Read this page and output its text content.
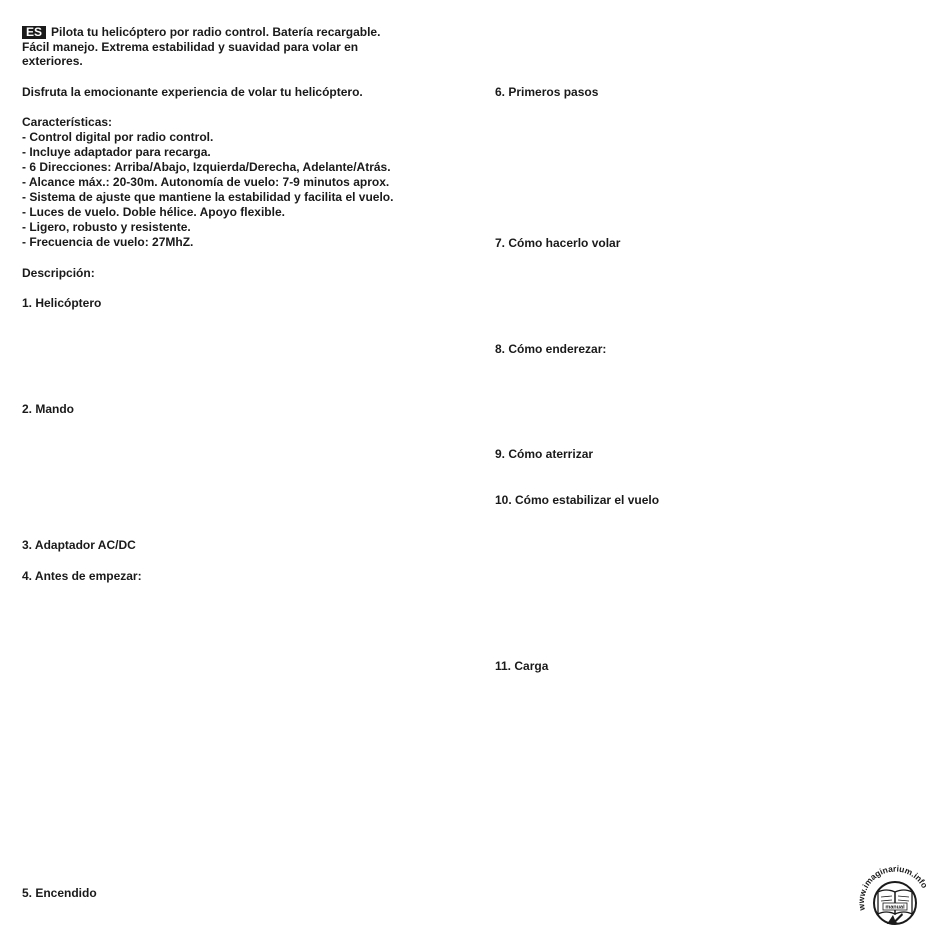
ES Pilota tu helicóptero por radio control. Batería recargable.
Fácil manejo. Extrema estabilidad y suavidad para volar en
exteriores.
Disfruta la emocionante experiencia de volar tu helicóptero.
Características:
- Control digital por radio control.
- Incluye adaptador para recarga.
- 6 Direcciones: Arriba/Abajo, Izquierda/Derecha, Adelante/Atrás.
- Alcance máx.: 20-30m. Autonomía de vuelo: 7-9 minutos aprox.
- Sistema de ajuste que mantiene la estabilidad y facilita el vuelo.
- Luces de vuelo. Doble hélice. Apoyo flexible.
- Ligero, robusto y resistente.
- Frecuencia de vuelo: 27MhZ.
Descripción:
1. Helicóptero
2. Mando
3. Adaptador AC/DC
4. Antes de empezar:
5. Encendido
6. Primeros pasos
7. Cómo hacerlo volar
8. Cómo enderezar:
9. Cómo aterrizar
10. Cómo estabilizar el vuelo
11. Carga
www.imaginarium.info
manual
